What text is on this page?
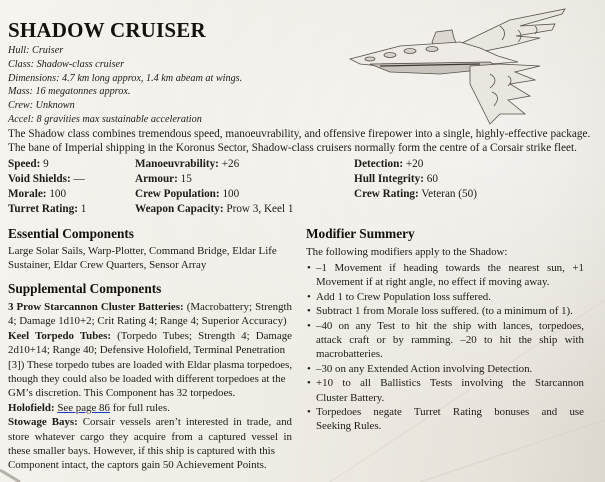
SHADOW CRUISER
Hull: Cruiser
Class: Shadow-class cruiser
Dimensions: 4.7 km long approx, 1.4 km abeam at wings.
Mass: 16 megatonnes approx.
Crew: Unknown
Accel: 8 gravities max sustainable acceleration
The Shadow class combines tremendous speed, manoeuvrability, and offensive firepower into a single, highly-effective package.
The bane of Imperial shipping in the Koronus Sector, Shadow-class cruisers normally form the centre of a Corsair strike fleet.
Speed: 9	Manoeuvrability: +26	Detection: +20
Void Shields: —	Armour: 15	Hull Integrity: 60
Morale: 100	Crew Population: 100	Crew Rating: Veteran (50)
Turret Rating: 1	Weapon Capacity: Prow 3, Keel 1
Essential Components
Large Solar Sails, Warp-Plotter, Command Bridge, Eldar Life
Sustainer, Eldar Crew Quarters, Sensor Array
Supplemental Components
3 Prow Starcannon Cluster Batteries: (Macrobattery; Strength
4; Damage 1d10+2; Crit Rating 4; Range 4; Superior Accuracy)
Keel Torpedo Tubes: (Torpedo Tubes; Strength 4; Damage
2d10+14; Range 40; Defensive Holofield, Terminal Penetration
[3]) These torpedo tubes are loaded with Eldar plasma torpedoes,
though they could also be loaded with different torpedoes at the
GM’s discretion. This Component has 32 torpedoes.
Holofield: See page 86 for full rules.
Stowage Bays: Corsair vessels aren’t interested in trade, and
store whatever cargo they acquire from a captured vessel in
these smaller bays. However, if this ship is captured with this
Component intact, the captors gain 50 Achievement Points.
Modifier Summery
The following modifiers apply to the Shadow:
• –1 Movement if heading towards the nearest sun, +1
Movement if at right angle, no effect if moving away.
• Add 1 to Crew Population loss suffered.
• Subtract 1 from Morale loss suffered. (to a minimum of 1).
• –40 on any Test to hit the ship with lances, torpedoes,
attack craft or by ramming. –20 to hit the ship with
macrobatteries.
• –30 on any Extended Action involving Detection.
• +10 to all Ballistics Tests involving the Starcannon
Cluster Battery.
• Torpedoes negate Turret Rating bonuses and use
Seeking Rules.
